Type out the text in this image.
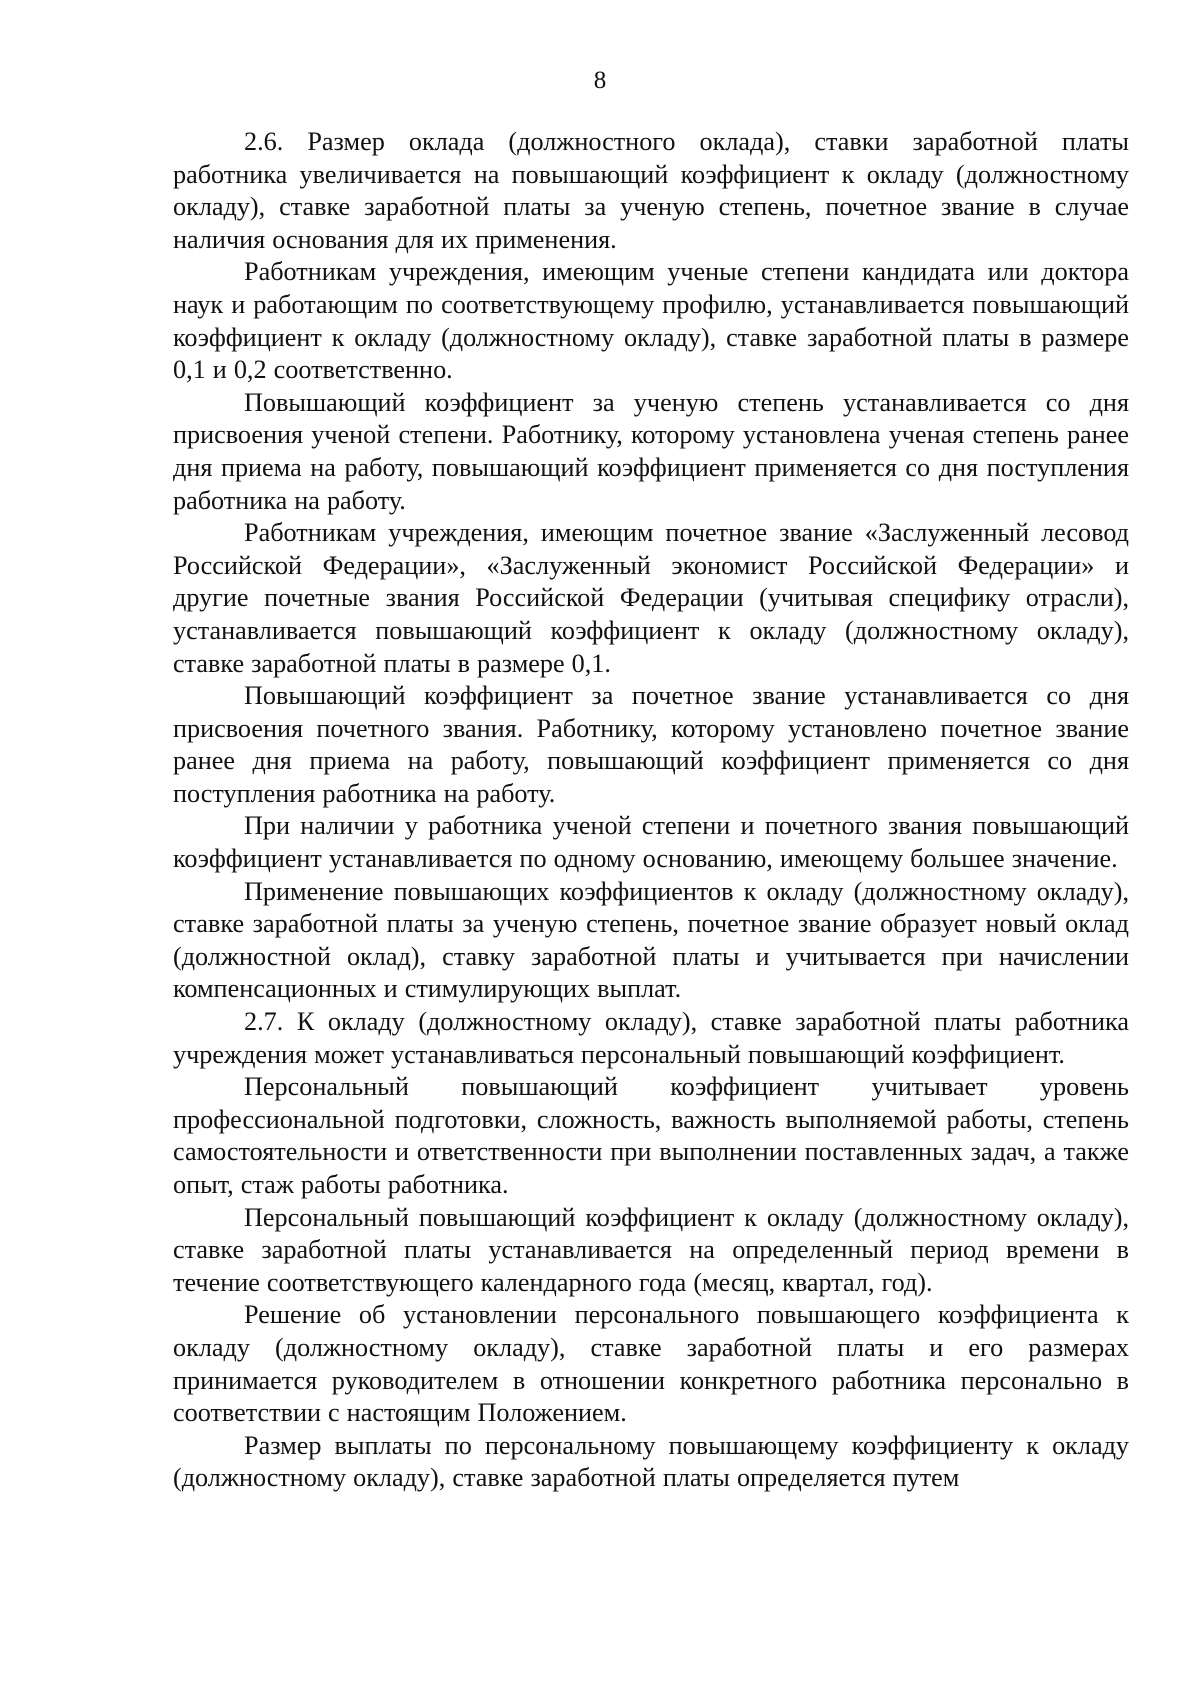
8

2.6. Размер оклада (должностного оклада), ставки заработной платы работника увеличивается на повышающий коэффициент к окладу (должностному окладу), ставке заработной платы за ученую степень, почетное звание в случае наличия основания для их применения.

Работникам учреждения, имеющим ученые степени кандидата или доктора наук и работающим по соответствующему профилю, устанавливается повышающий коэффициент к окладу (должностному окладу), ставке заработной платы в размере 0,1 и 0,2 соответственно.

Повышающий коэффициент за ученую степень устанавливается со дня присвоения ученой степени. Работнику, которому установлена ученая степень ранее дня приема на работу, повышающий коэффициент применяется со дня поступления работника на работу.

Работникам учреждения, имеющим почетное звание «Заслуженный лесовод Российской Федерации», «Заслуженный экономист Российской Федерации» и другие почетные звания Российской Федерации (учитывая специфику отрасли), устанавливается повышающий коэффициент к окладу (должностному окладу), ставке заработной платы в размере 0,1.

Повышающий коэффициент за почетное звание устанавливается со дня присвоения почетного звания. Работнику, которому установлено почетное звание ранее дня приема на работу, повышающий коэффициент применяется со дня поступления работника на работу.

При наличии у работника ученой степени и почетного звания повышающий коэффициент устанавливается по одному основанию, имеющему большее значение.

Применение повышающих коэффициентов к окладу (должностному окладу), ставке заработной платы за ученую степень, почетное звание образует новый оклад (должностной оклад), ставку заработной платы и учитывается при начислении компенсационных и стимулирующих выплат.

2.7. К окладу (должностному окладу), ставке заработной платы работника учреждения может устанавливаться персональный повышающий коэффициент.

Персональный повышающий коэффициент учитывает уровень профессиональной подготовки, сложность, важность выполняемой работы, степень самостоятельности и ответственности при выполнении поставленных задач, а также опыт, стаж работы работника.

Персональный повышающий коэффициент к окладу (должностному окладу), ставке заработной платы устанавливается на определенный период времени в течение соответствующего календарного года (месяц, квартал, год).

Решение об установлении персонального повышающего коэффициента к окладу (должностному окладу), ставке заработной платы и его размерах принимается руководителем в отношении конкретного работника персонально в соответствии с настоящим Положением.

Размер выплаты по персональному повышающему коэффициенту к окладу (должностному окладу), ставке заработной платы определяется путем
